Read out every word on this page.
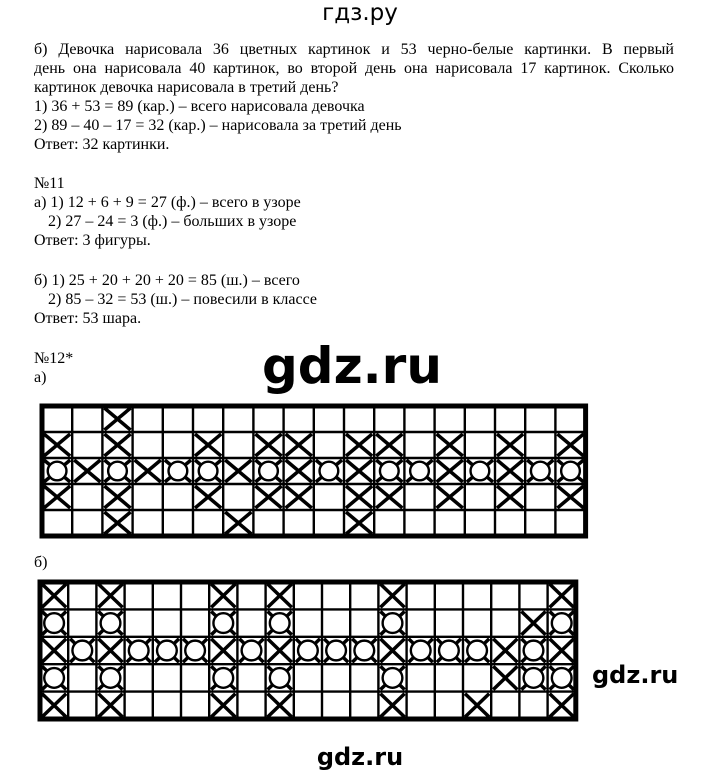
гдз.ру
б) Девочка нарисовала 36 цветных картинок и 53 черно-белые картинки. В первый
день она нарисовала 40 картинок, во второй день она нарисовала 17 картинок. Сколько
картинок девочка нарисовала в третий день?
1) 36 + 53 = 89 (кар.) – всего нарисовала девочка
2) 89 – 40 – 17 = 32 (кар.) – нарисовала за третий день
Ответ: 32 картинки.
№11
а) 1) 12 + 6 + 9 = 27 (ф.) – всего в узоре
2) 27 – 24 = 3 (ф.) – больших в узоре
Ответ: 3 фигуры.
б) 1) 25 + 20 + 20 + 20 = 85 (ш.) – всего
2) 85 – 32 = 53 (ш.) – повесили в классе
Ответ: 53 шара.
№12*
а)
б)
gdz.ru
gdz.ru
gdz.ru
